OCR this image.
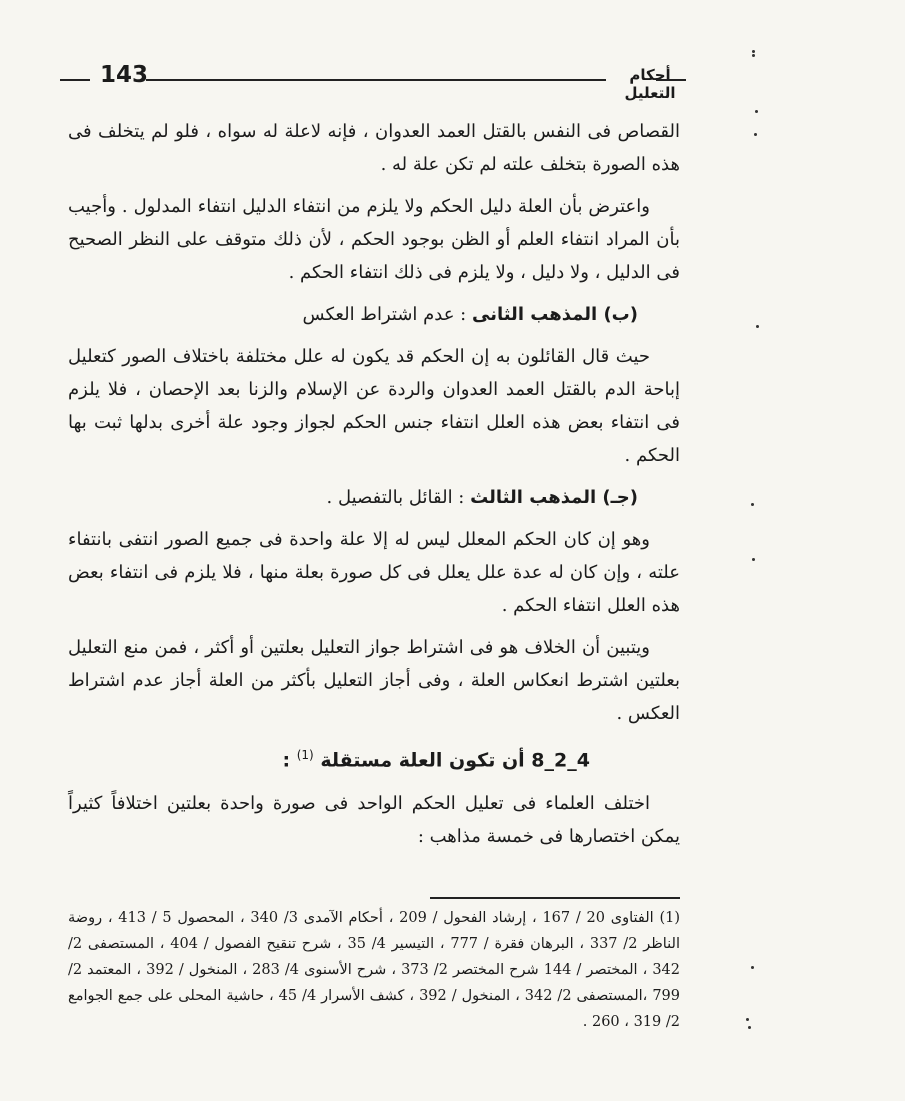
143	أحكام التعليل

القصاص فى النفس بالقتل العمد العدوان ، فإنه لاعلة له سواه ، فلو لم يتخلف فى هذه الصورة بتخلف علته لم تكن علة له .

واعترض بأن العلة دليل الحكم ولا يلزم من انتفاء الدليل انتفاء المدلول . وأجيب بأن المراد انتفاء العلم أو الظن بوجود الحكم ، لأن ذلك متوقف على النظر الصحيح فى الدليل ، ولا دليل ، ولا يلزم فى ذلك انتفاء الحكم .

(ب) المذهب الثانى : عدم اشتراط العكس

حيث قال القائلون به إن الحكم قد يكون له علل مختلفة باختلاف الصور كتعليل إباحة الدم بالقتل العمد العدوان والردة عن الإسلام والزنا بعد الإحصان ، فلا يلزم فى انتفاء بعض هذه العلل انتفاء جنس الحكم لجواز وجود علة أخرى بدلها ثبت بها الحكم .

(جـ) المذهب الثالث : القائل بالتفصيل .

وهو إن كان الحكم المعلل ليس له إلا علة واحدة فى جميع الصور انتفى بانتفاء علته ، وإن كان له عدة علل يعلل فى كل صورة بعلة منها ، فلا يلزم فى انتفاء بعض هذه العلل انتفاء الحكم .

ويتبين أن الخلاف هو فى اشتراط جواز التعليل بعلتين أو أكثر ، فمن منع التعليل بعلتين اشترط انعكاس العلة ، وفى أجاز التعليل بأكثر من العلة أجاز عدم اشتراط العكس .

4_2_8 أن تكون العلة مستقلة $^{(1)}$ :

اختلف العلماء فى تعليل الحكم الواحد فى صورة واحدة بعلتين اختلافاً كثيراً يمكن اختصارها فى خمسة مذاهب :

(1) الفتاوى 20 / 167 ، إرشاد الفحول / 209 ، أحكام الآمدى 3/ 340 ، المحصول 5 / 413 ، روضة الناظر 2/ 337 ، البرهان فقرة / 777 ، التيسير 4/ 35 ، شرح تنقيح الفصول / 404 ، المستصفى 2/ 342 ، المختصر / 144 شرح المختصر 2/ 373 ، شرح الأسنوى 4/ 283 ، المنخول / 392 ، المعتمد 2/ 799 ،المستصفى 2/ 342 ، المنخول / 392 ، كشف الأسرار 4/ 45 ، حاشية المحلى على جمع الجوامع 2/ 319 ، 260 .
